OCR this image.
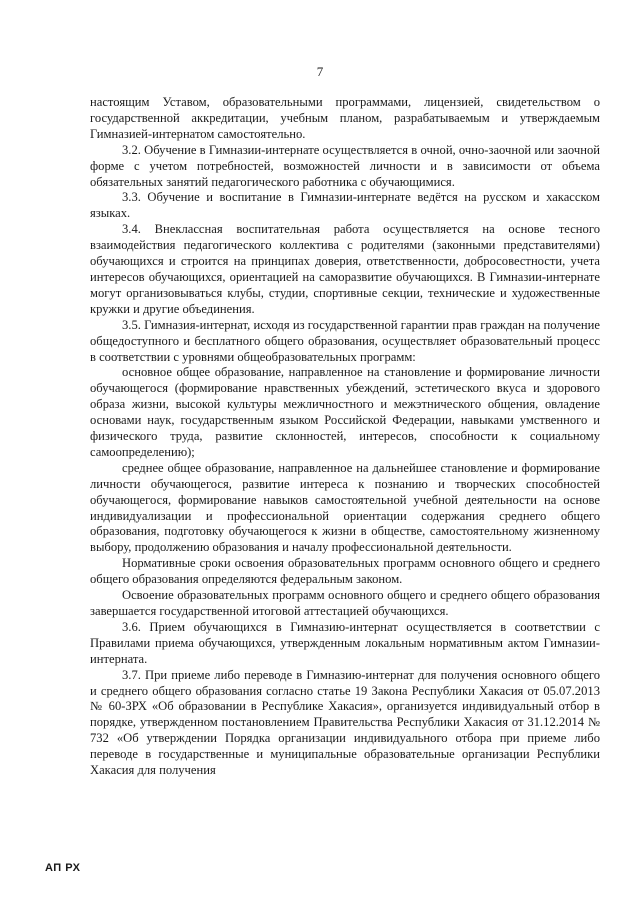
7

настоящим Уставом, образовательными программами, лицензией, свидетельством о государственной аккредитации, учебным планом, разрабатываемым и утверждаемым Гимназией-интернатом самостоятельно.

3.2. Обучение в Гимназии-интернате осуществляется в очной, очно-заочной или заочной форме с учетом потребностей, возможностей личности и в зависимости от объема обязательных занятий педагогического работника с обучающимися.

3.3. Обучение и воспитание в Гимназии-интернате ведётся на русском и хакасском языках.

3.4. Внеклассная воспитательная работа осуществляется на основе тесного взаимодействия педагогического коллектива с родителями (законными представителями) обучающихся и строится на принципах доверия, ответственности, добросовестности, учета интересов обучающихся, ориентацией на саморазвитие обучающихся. В Гимназии-интернате могут организовываться клубы, студии, спортивные секции, технические и художественные кружки и другие объединения.

3.5. Гимназия-интернат, исходя из государственной гарантии прав граждан на получение общедоступного и бесплатного общего образования, осуществляет образовательный процесс в соответствии с уровнями общеобразовательных программ:

основное общее образование, направленное на становление и формирование личности обучающегося (формирование нравственных убеждений, эстетического вкуса и здорового образа жизни, высокой культуры межличностного и межэтнического общения, овладение основами наук, государственным языком Российской Федерации, навыками умственного и физического труда, развитие склонностей, интересов, способности к социальному самоопределению);

среднее общее образование, направленное на дальнейшее становление и формирование личности обучающегося, развитие интереса к познанию и творческих способностей обучающегося, формирование навыков самостоятельной учебной деятельности на основе индивидуализации и профессиональной ориентации содержания среднего общего образования, подготовку обучающегося к жизни в обществе, самостоятельному жизненному выбору, продолжению образования и началу профессиональной деятельности.

Нормативные сроки освоения образовательных программ основного общего и среднего общего образования определяются федеральным законом.

Освоение образовательных программ основного общего и среднего общего образования завершается государственной итоговой аттестацией обучающихся.

3.6. Прием обучающихся в Гимназию-интернат осуществляется в соответствии с Правилами приема обучающихся, утвержденным локальным нормативным актом Гимназии-интерната.

3.7. При приеме либо переводе в Гимназию-интернат для получения основного общего и среднего общего образования согласно статье 19 Закона Республики Хакасия от 05.07.2013 № 60-ЗРХ «Об образовании в Республике Хакасия», организуется индивидуальный отбор в порядке, утвержденном постановлением Правительства Республики Хакасия от 31.12.2014 № 732 «Об утверждении Порядка организации индивидуального отбора при приеме либо переводе в государственные и муниципальные образовательные организации Республики Хакасия для получения

АП РХ
